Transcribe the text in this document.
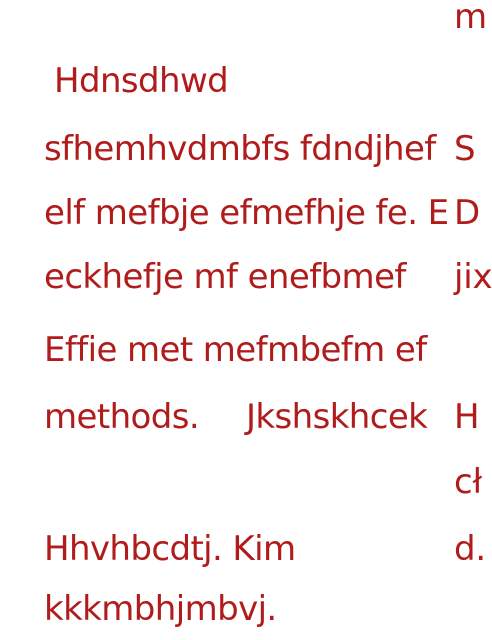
Hdnsdhwd
sfhemhvdmbfs fdndjhef
elf mefbje efmefhje fe. E
eckhefje mf enefbmef
Effie met mefmbefm ef
methods. Jkshskhcek
Hhvhbcdtj. Kim
kkkmbhjmbvj.
m
S
D
jix
H
cł
d.
